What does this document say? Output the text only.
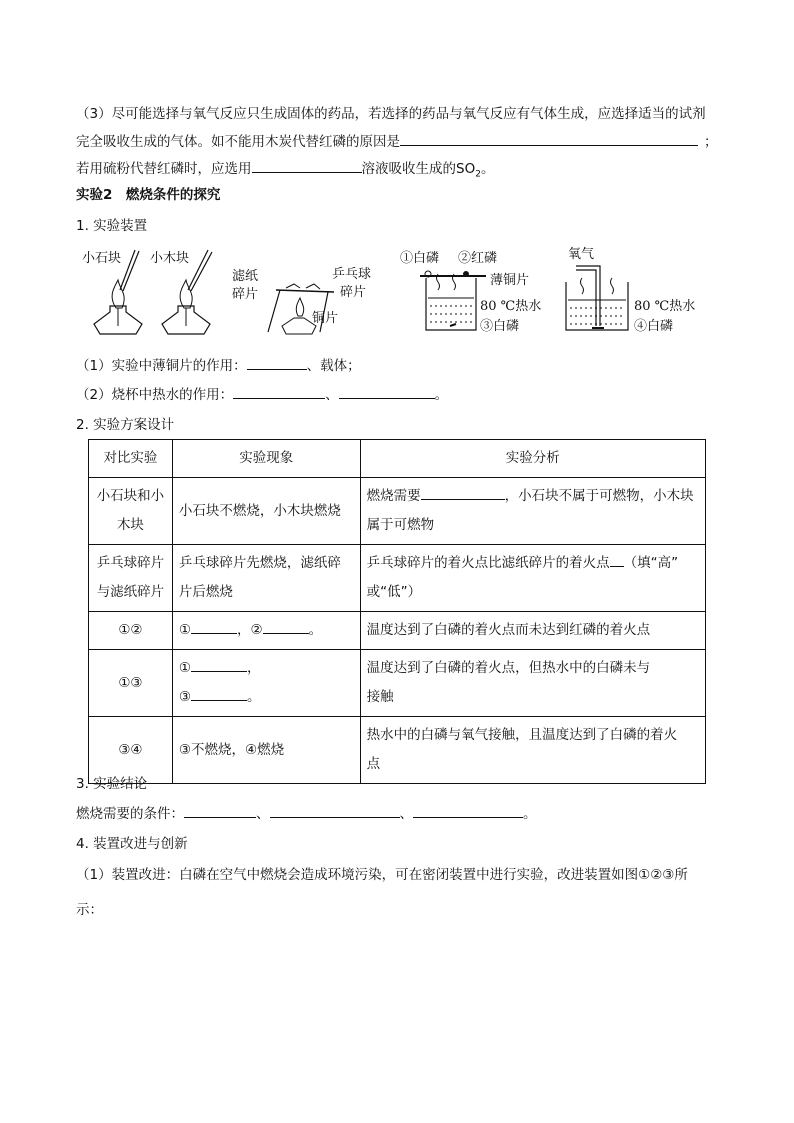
（3）尽可能选择与氧气反应只生成固体的药品，若选择的药品与氧气反应有气体生成，应选择适当的试剂
完全吸收生成的气体。如不能用木炭代替红磷的原因是	；
若用硫粉代替红磷时，应选用	溶液吸收生成的$SO_2$。
实验2　燃烧条件的探究
1. 实验装置
小石块 小木块
滤纸
碎片
乒乓球
碎片
铜片
①白磷 ②红磷
薄铜片
80 ℃热水
③白磷
氧气
80 ℃热水
④白磷
（1）实验中薄铜片的作用：	、载体；
（2）烧杯中热水的作用：	、	。
2. 实验方案设计
对比实验	实验现象	实验分析
小石块和小
木块	小石块不燃烧，小木块燃烧	燃烧需要 ，小石块不属于可燃物，小木块
属于可燃物
乒乓球碎片
与滤纸碎片	乒乓球碎片先燃烧，滤纸碎
片后燃烧	乒乓球碎片的着火点比滤纸碎片的着火点 （填“高”
或“低”）
①②	① ，② 。	温度达到了白磷的着火点而未达到红磷的着火点
①③	① ，
③ 。	温度达到了白磷的着火点，但热水中的白磷未与
接触
③④	③不燃烧，④燃烧	热水中的白磷与氧气接触，且温度达到了白磷的着火
点
3. 实验结论
燃烧需要的条件：	、	、	。
4. 装置改进与创新
（1）装置改进：白磷在空气中燃烧会造成环境污染，可在密闭装置中进行实验，改进装置如图①②③所
示：
